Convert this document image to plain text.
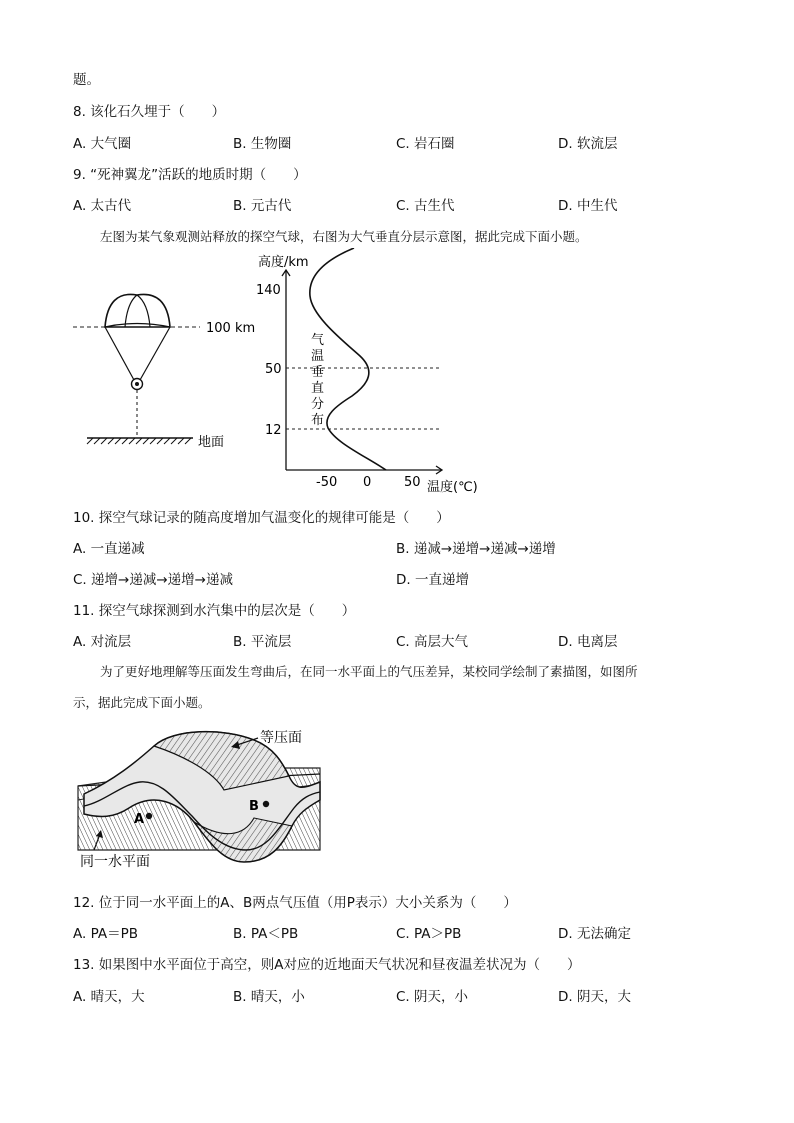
题。
8. 该化石久埋于（　　）
A. 大气圈	B. 生物圈	C. 岩石圈	D. 软流层
9. “死神翼龙”活跃的地质时期（　　）
A. 太古代	B. 元古代	C. 古生代	D. 中生代
左图为某气象观测站释放的探空气球，右图为大气垂直分层示意图，据此完成下面小题。
100 km
地面
高度/km
140
50
12
气
温
垂
直
分
布
-50 0	50 温度(℃)
10. 探空气球记录的随高度增加气温变化的规律可能是（　　）
A. 一直递减	B. 递减→递增→递减→递增
C. 递增→递减→递增→递减	D. 一直递增
11. 探空气球探测到水汽集中的层次是（　　）
A. 对流层	B. 平流层	C. 高层大气	D. 电离层
为了更好地理解等压面发生弯曲后，在同一水平面上的气压差异，某校同学绘制了素描图，如图所
示，据此完成下面小题。
A
B
等压面
同一水平面
12. 位于同一水平面上的A、B两点气压值（用P表示）大小关系为（　　）
A. PA＝PB	B. PA＜PB	C. PA＞PB	D. 无法确定
13. 如果图中水平面位于高空，则A对应的近地面天气状况和昼夜温差状况为（　　）
A. 晴天，大	B. 晴天，小	C. 阴天，小	D. 阴天，大
